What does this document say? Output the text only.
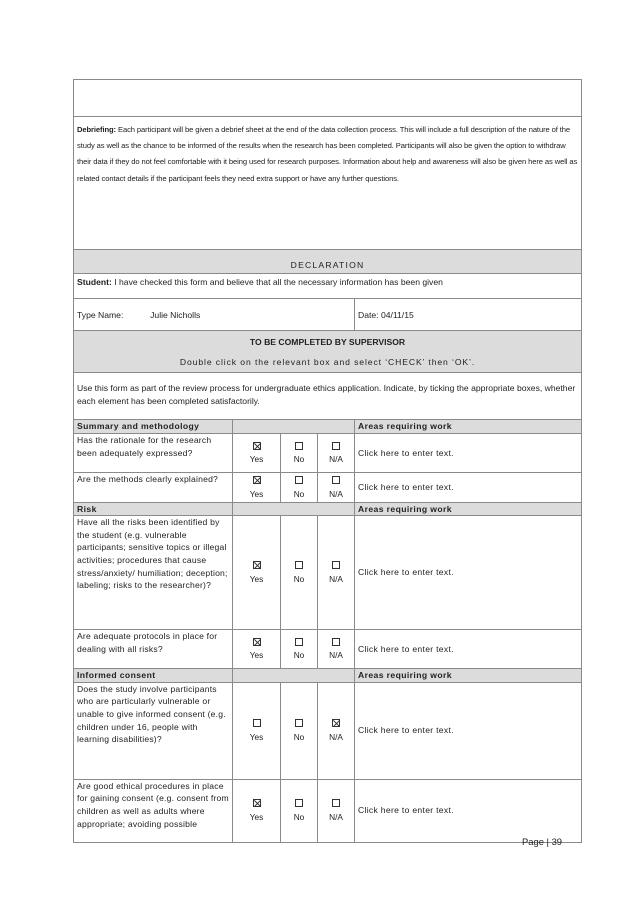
Debriefing: Each participant will be given a debrief sheet at the end of the data collection process. This will include a full description of the nature of the study as well as the chance to be informed of the results when the research has been completed. Participants will also be given the option to withdraw their data if they do not feel comfortable with it being used for research purposes. Information about help and awareness will also be given here as well as related contact details if the participant feels they need extra support or have any further questions.				
DECLARATION				
Student: I have checked this form and believe that all the necessary information has been given				
Type Name: Julie Nicholls				Date: 04/11/15

TO BE COMPLETED BY SUPERVISOR
Double click on the relevant box and select ‘CHECK’ then ‘OK’.				

Use this form as part of the review process for undergraduate ethics application. Indicate, by ticking the appropriate boxes, whether each element has been completed satisfactorily.				
Summary and methodology				Areas requiring work
Has the rationale for the research been adequately expressed?	Yes	No	N/A	Click here to enter text.
Are the methods clearly explained?	Yes	No	N/A	Click here to enter text.
Risk				Areas requiring work
Have all the risks been identified by the student (e.g. vulnerable participants; sensitive topics or illegal activities; procedures that cause stress/anxiety/ humiliation; deception; labeling; risks to the researcher)?	Yes	No	N/A	Click here to enter text.
Are adequate protocols in place for dealing with all risks?	Yes	No	N/A	Click here to enter text.
Informed consent				Areas requiring work
Does the study involve participants who are particularly vulnerable or unable to give informed consent (e.g. children under 16, people with learning disabilities)?	Yes	No	N/A	Click here to enter text.
Are good ethical procedures in place for gaining consent (e.g. consent from children as well as adults where appropriate; avoiding possible	Yes	No	N/A	Click here to enter text.
Page | 39
